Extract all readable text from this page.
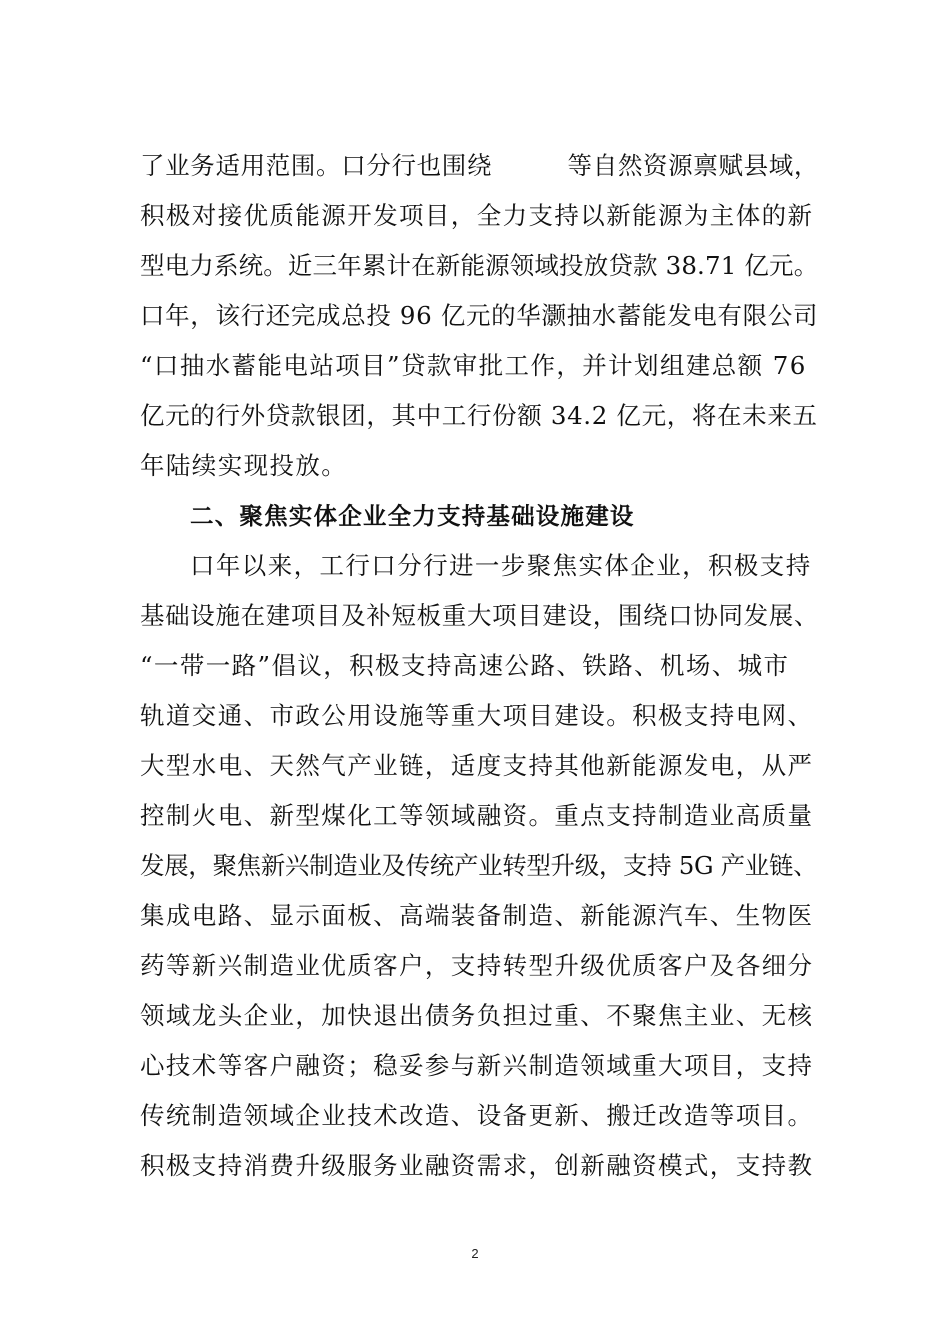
了业务适用范围。口分行也围绕　　　等自然资源禀赋县域，
积极对接优质能源开发项目，全力支持以新能源为主体的新
型电力系统。近三年累计在新能源领域投放贷款 38.71 亿元。
口年，该行还完成总投 96 亿元的华灏抽水蓄能发电有限公司
“口抽水蓄能电站项目”贷款审批工作，并计划组建总额 76
亿元的行外贷款银团，其中工行份额 34.2 亿元，将在未来五
年陆续实现投放。
二、聚焦实体企业全力支持基础设施建设
口年以来，工行口分行进一步聚焦实体企业，积极支持
基础设施在建项目及补短板重大项目建设，围绕口协同发展、
“一带一路”倡议，积极支持高速公路、铁路、机场、城市
轨道交通、市政公用设施等重大项目建设。积极支持电网、
大型水电、天然气产业链，适度支持其他新能源发电，从严
控制火电、新型煤化工等领域融资。重点支持制造业高质量
发展，聚焦新兴制造业及传统产业转型升级，支持 5G 产业链、
集成电路、显示面板、高端装备制造、新能源汽车、生物医
药等新兴制造业优质客户，支持转型升级优质客户及各细分
领域龙头企业，加快退出债务负担过重、不聚焦主业、无核
心技术等客户融资；稳妥参与新兴制造领域重大项目，支持
传统制造领域企业技术改造、设备更新、搬迁改造等项目。
积极支持消费升级服务业融资需求，创新融资模式，支持教
2
